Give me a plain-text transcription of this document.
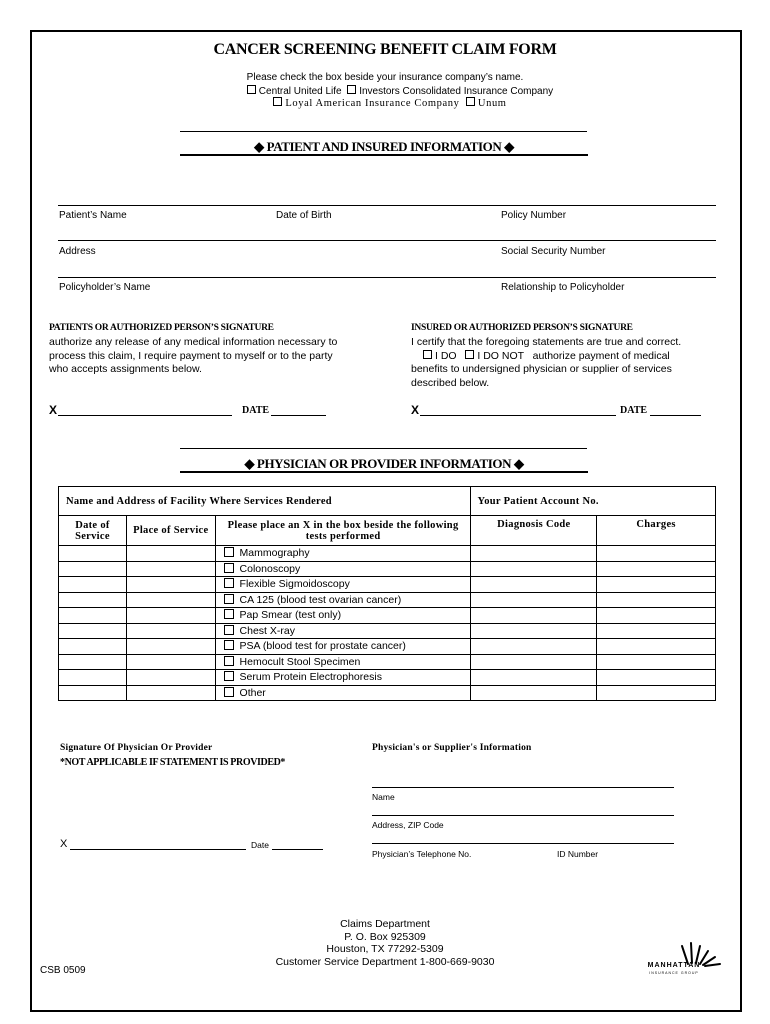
CANCER SCREENING BENEFIT CLAIM FORM
Please check the box beside your insurance company’s name.
Central United Life Investors Consolidated Insurance Company
Loyal American Insurance Company Unum
◆ PATIENT AND INSURED INFORMATION ◆
Patient’s Name	Date of Birth	Policy Number
Address	Social Security Number
Policyholder’s Name	Relationship to Policyholder
PATIENTS OR AUTHORIZED PERSON’S SIGNATURE
authorize any release of any medical information necessary to process this claim, I require payment to myself or to the party who accepts assignments below.
INSURED OR AUTHORIZED PERSON’S SIGNATURE
I certify that the foregoing statements are true and correct.
I DO I DO NOT authorize payment of medical
benefits to undersigned physician or supplier of services
described below.
X	DATE	X	DATE
◆ PHYSICIAN OR PROVIDER INFORMATION ◆
Name and Address of Facility Where Services Rendered			Your Patient Account No.	
Date of Service	Place of Service	Please place an X in the box beside the following tests performed	Diagnosis Code	Charges
		Mammography		
		Colonoscopy		
		Flexible Sigmoidoscopy		
		CA 125 (blood test ovarian cancer)		
		Pap Smear (test only)		
		Chest X-ray		
		PSA (blood test for prostate cancer)		
		Hemocult Stool Specimen		
		Serum Protein Electrophoresis		
		Other		
Signature Of Physician Or Provider
*NOT APPLICABLE IF STATEMENT IS PROVIDED*
X	Date
Physician's or Supplier's Information
Name
Address, ZIP Code
Physician’s Telephone No.	ID Number
Claims Department
P. O. Box 925309
Houston, TX 77292-5309
Customer Service Department 1-800-669-9030
CSB 0509	MANHATTAN
INSURANCE GROUP
